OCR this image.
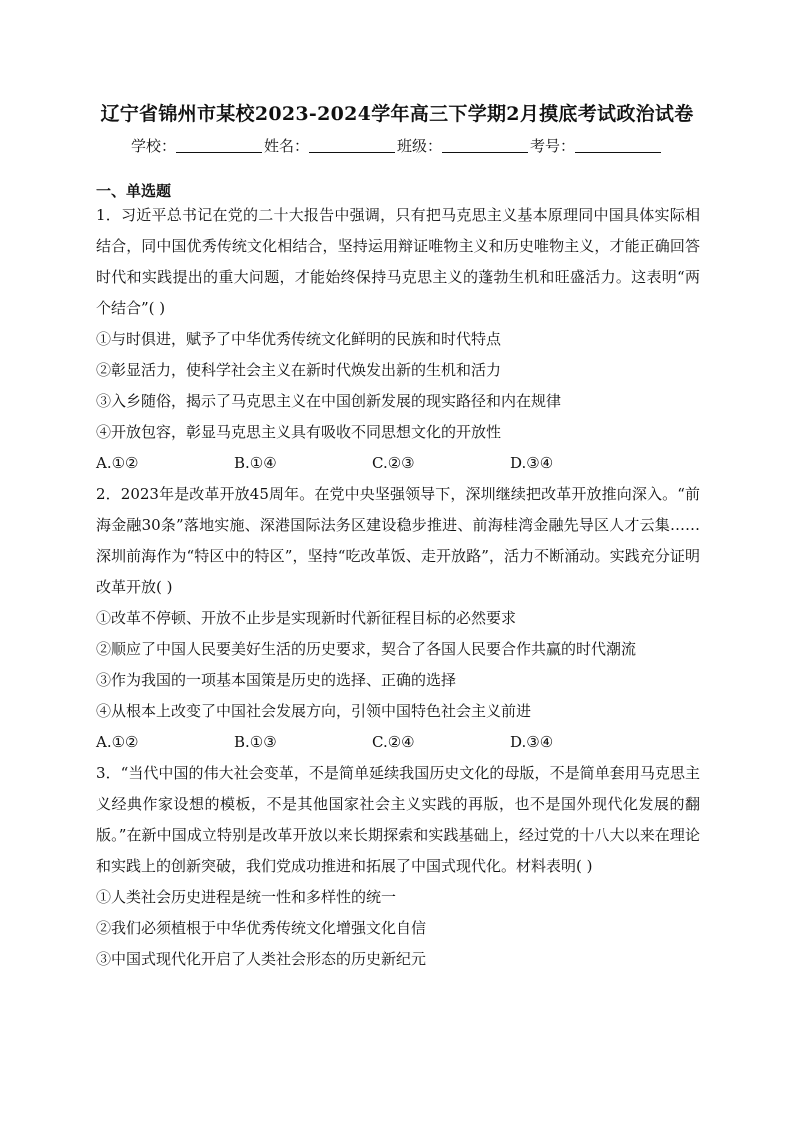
辽宁省锦州市某校2023-2024学年高三下学期2月摸底考试政治试卷
学校：	姓名：	班级：	考号：
一、单选题

1．习近平总书记在党的二十大报告中强调，只有把马克思主义基本原理同中国具体实际相结合，同中国优秀传统文化相结合，坚持运用辩证唯物主义和历史唯物主义，才能正确回答时代和实践提出的重大问题，才能始终保持马克思主义的蓬勃生机和旺盛活力。这表明“两个结合”( )

①与时俱进，赋予了中华优秀传统文化鲜明的民族和时代特点

②彰显活力，使科学社会主义在新时代焕发出新的生机和活力

③入乡随俗，揭示了马克思主义在中国创新发展的现实路径和内在规律

④开放包容，彰显马克思主义具有吸收不同思想文化的开放性

A.①②	B.①④	C.②③	D.③④

2．2023年是改革开放45周年。在党中央坚强领导下，深圳继续把改革开放推向深入。“前海金融30条”落地实施、深港国际法务区建设稳步推进、前海桂湾金融先导区人才云集……深圳前海作为“特区中的特区”，坚持“吃改革饭、走开放路”，活力不断涌动。实践充分证明改革开放( )

①改革不停顿、开放不止步是实现新时代新征程目标的必然要求

②顺应了中国人民要美好生活的历史要求，契合了各国人民要合作共赢的时代潮流

③作为我国的一项基本国策是历史的选择、正确的选择

④从根本上改变了中国社会发展方向，引领中国特色社会主义前进

A.①②	B.①③	C.②④	D.③④

3．“当代中国的伟大社会变革，不是简单延续我国历史文化的母版，不是简单套用马克思主义经典作家设想的模板，不是其他国家社会主义实践的再版，也不是国外现代化发展的翻版。”在新中国成立特别是改革开放以来长期探索和实践基础上，经过党的十八大以来在理论和实践上的创新突破，我们党成功推进和拓展了中国式现代化。材料表明( )

①人类社会历史进程是统一性和多样性的统一

②我们必须植根于中华优秀传统文化增强文化自信

③中国式现代化开启了人类社会形态的历史新纪元
